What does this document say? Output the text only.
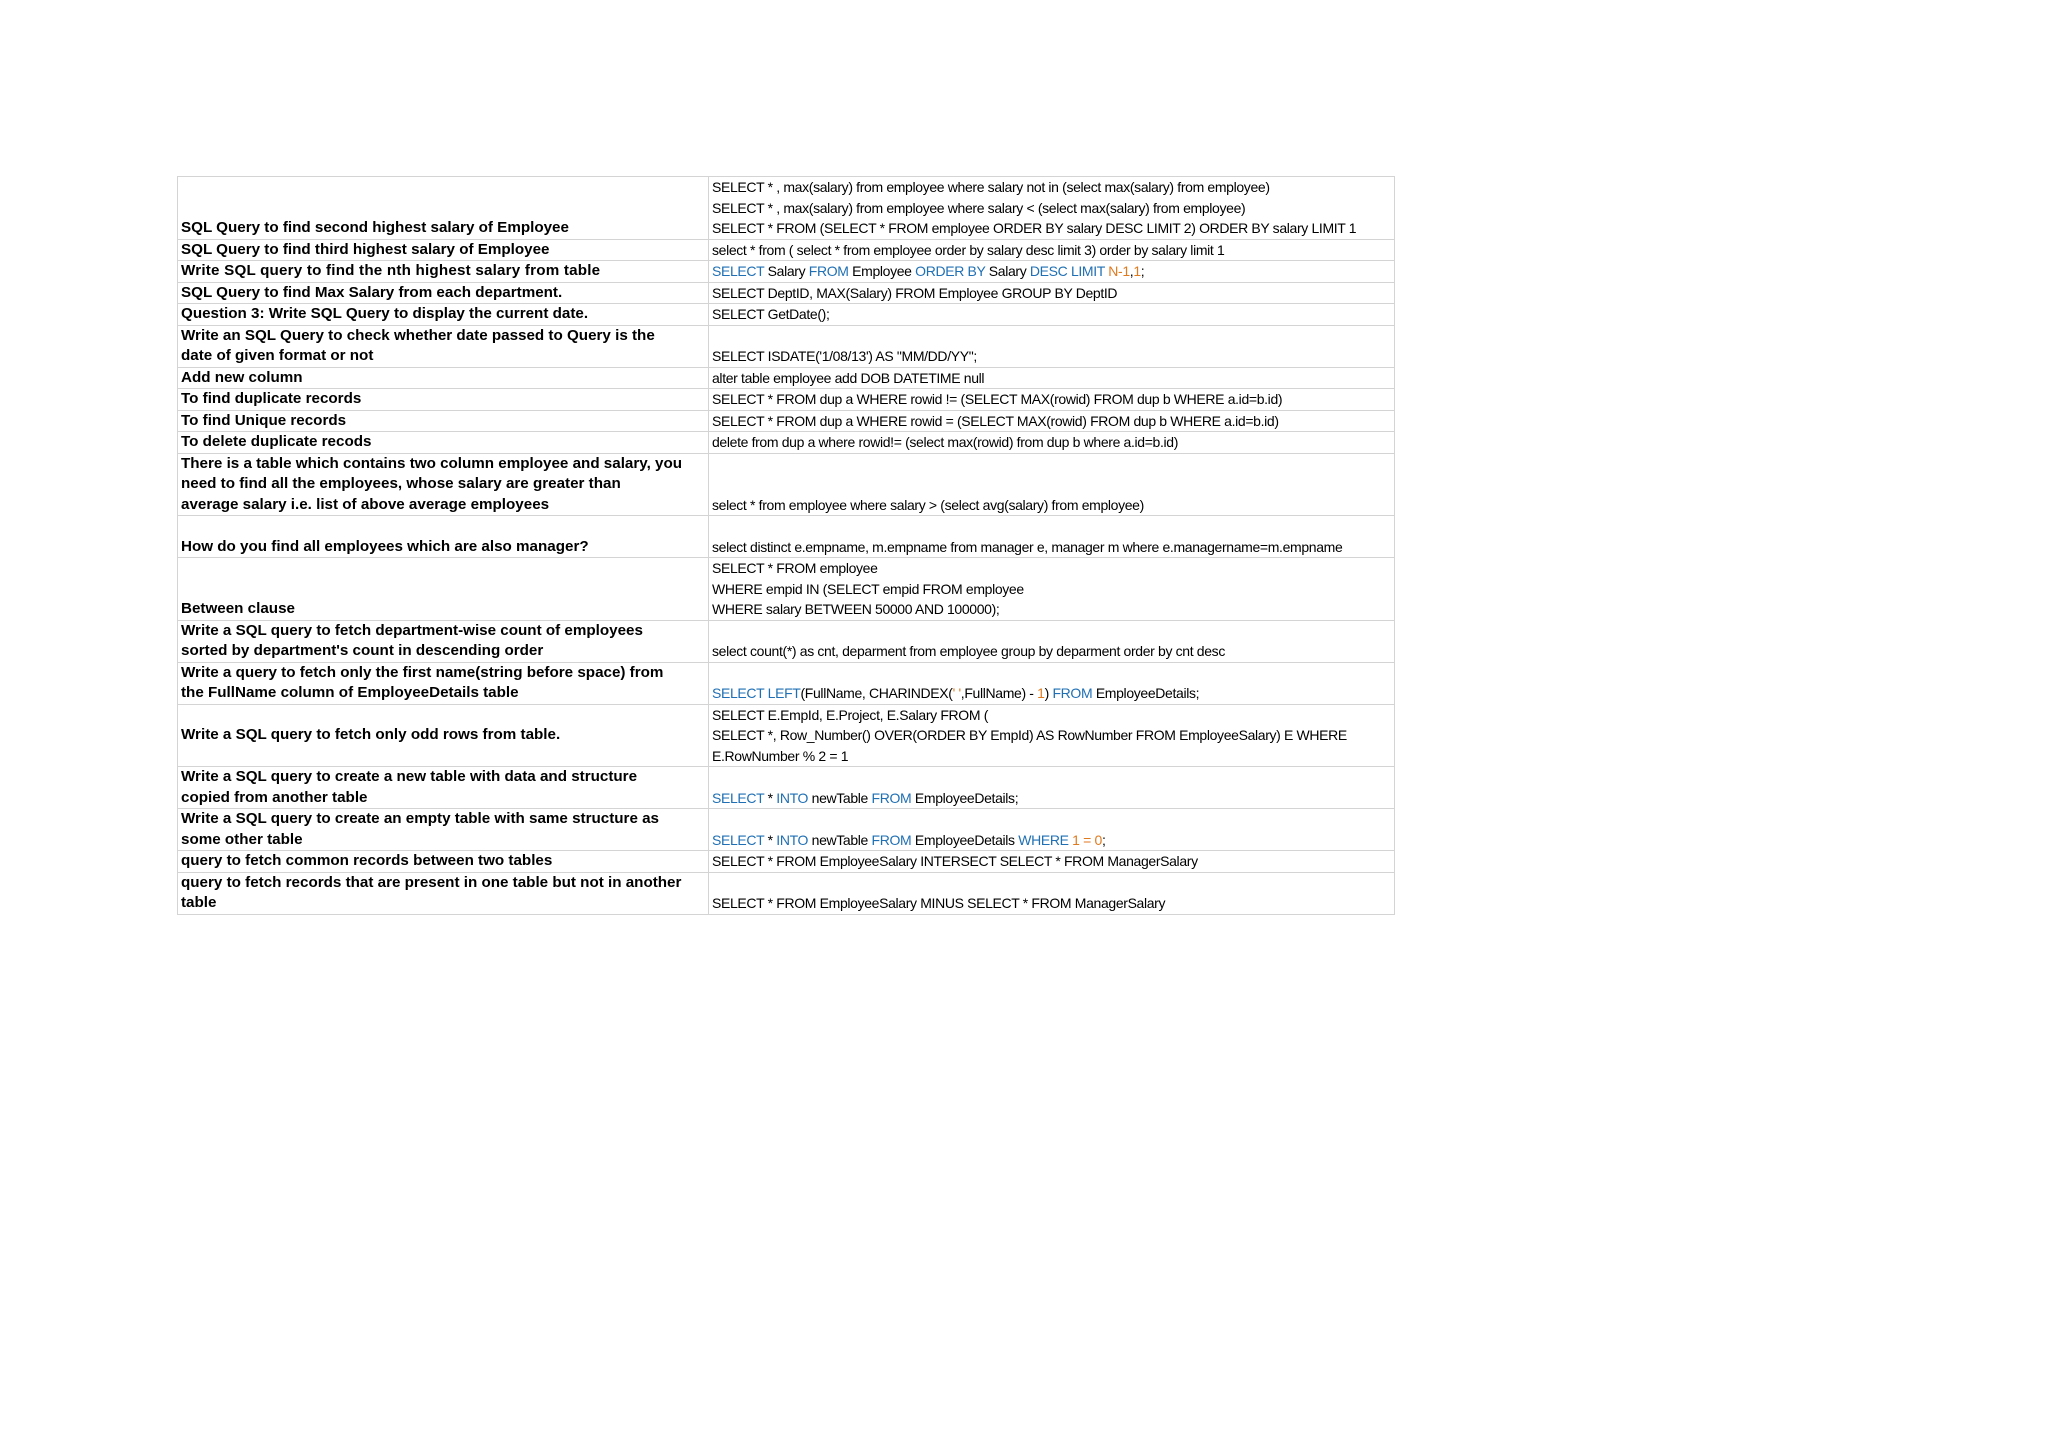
SQL Query to find second highest salary of Employee	SELECT * , max(salary) from employee where salary not in (select max(salary) from employee)
SELECT * , max(salary) from employee where salary < (select max(salary) from employee)
SELECT * FROM (SELECT * FROM employee ORDER BY salary DESC LIMIT 2) ORDER BY salary LIMIT 1
SQL Query to find third highest salary of Employee	select * from ( select * from employee order by salary desc limit 3) order by salary limit 1
Write SQL query to find the nth highest salary from table	SELECT Salary FROM Employee ORDER BY Salary DESC LIMIT N-1,1;
SQL Query to find Max Salary from each department.	SELECT DeptID, MAX(Salary) FROM Employee GROUP BY DeptID
Question 3: Write SQL Query to display the current date.	SELECT GetDate();
Write an SQL Query to check whether date passed to Query is the
date of given format or not	SELECT ISDATE('1/08/13') AS "MM/DD/YY";
Add new column	alter table employee add DOB DATETIME null
To find duplicate records	SELECT * FROM dup a WHERE rowid != (SELECT MAX(rowid) FROM dup b WHERE a.id=b.id)
To find Unique records	SELECT * FROM dup a WHERE rowid = (SELECT MAX(rowid) FROM dup b WHERE a.id=b.id)
To delete duplicate recods	delete from dup a where rowid!= (select max(rowid) from dup b where a.id=b.id)
There is a table which contains two column employee and salary, you
need to find all the employees, whose salary are greater than
average salary i.e. list of above average employees	select * from employee where salary > (select avg(salary) from employee)
How do you find all employees which are also manager?	select distinct e.empname, m.empname from manager e, manager m where e.managername=m.empname
Between clause	SELECT * FROM employee
WHERE empid IN (SELECT empid FROM employee
WHERE salary BETWEEN 50000 AND 100000);
Write a SQL query to fetch department-wise count of employees
sorted by department's count in descending order	select count(*) as cnt, deparment from employee group by deparment order by cnt desc
Write a query to fetch only the first name(string before space) from
the FullName column of EmployeeDetails table	SELECT LEFT(FullName, CHARINDEX(' ',FullName) - 1) FROM EmployeeDetails;
Write a SQL query to fetch only odd rows from table.	SELECT E.EmpId, E.Project, E.Salary FROM (
SELECT *, Row_Number() OVER(ORDER BY EmpId) AS RowNumber FROM EmployeeSalary) E WHERE
E.RowNumber % 2 = 1
Write a SQL query to create a new table with data and structure
copied from another table	SELECT * INTO newTable FROM EmployeeDetails;
Write a SQL query to create an empty table with same structure as
some other table	SELECT * INTO newTable FROM EmployeeDetails WHERE 1 = 0;
query to fetch common records between two tables	SELECT * FROM EmployeeSalary INTERSECT SELECT * FROM ManagerSalary
query to fetch records that are present in one table but not in another
table	SELECT * FROM EmployeeSalary MINUS SELECT * FROM ManagerSalary
